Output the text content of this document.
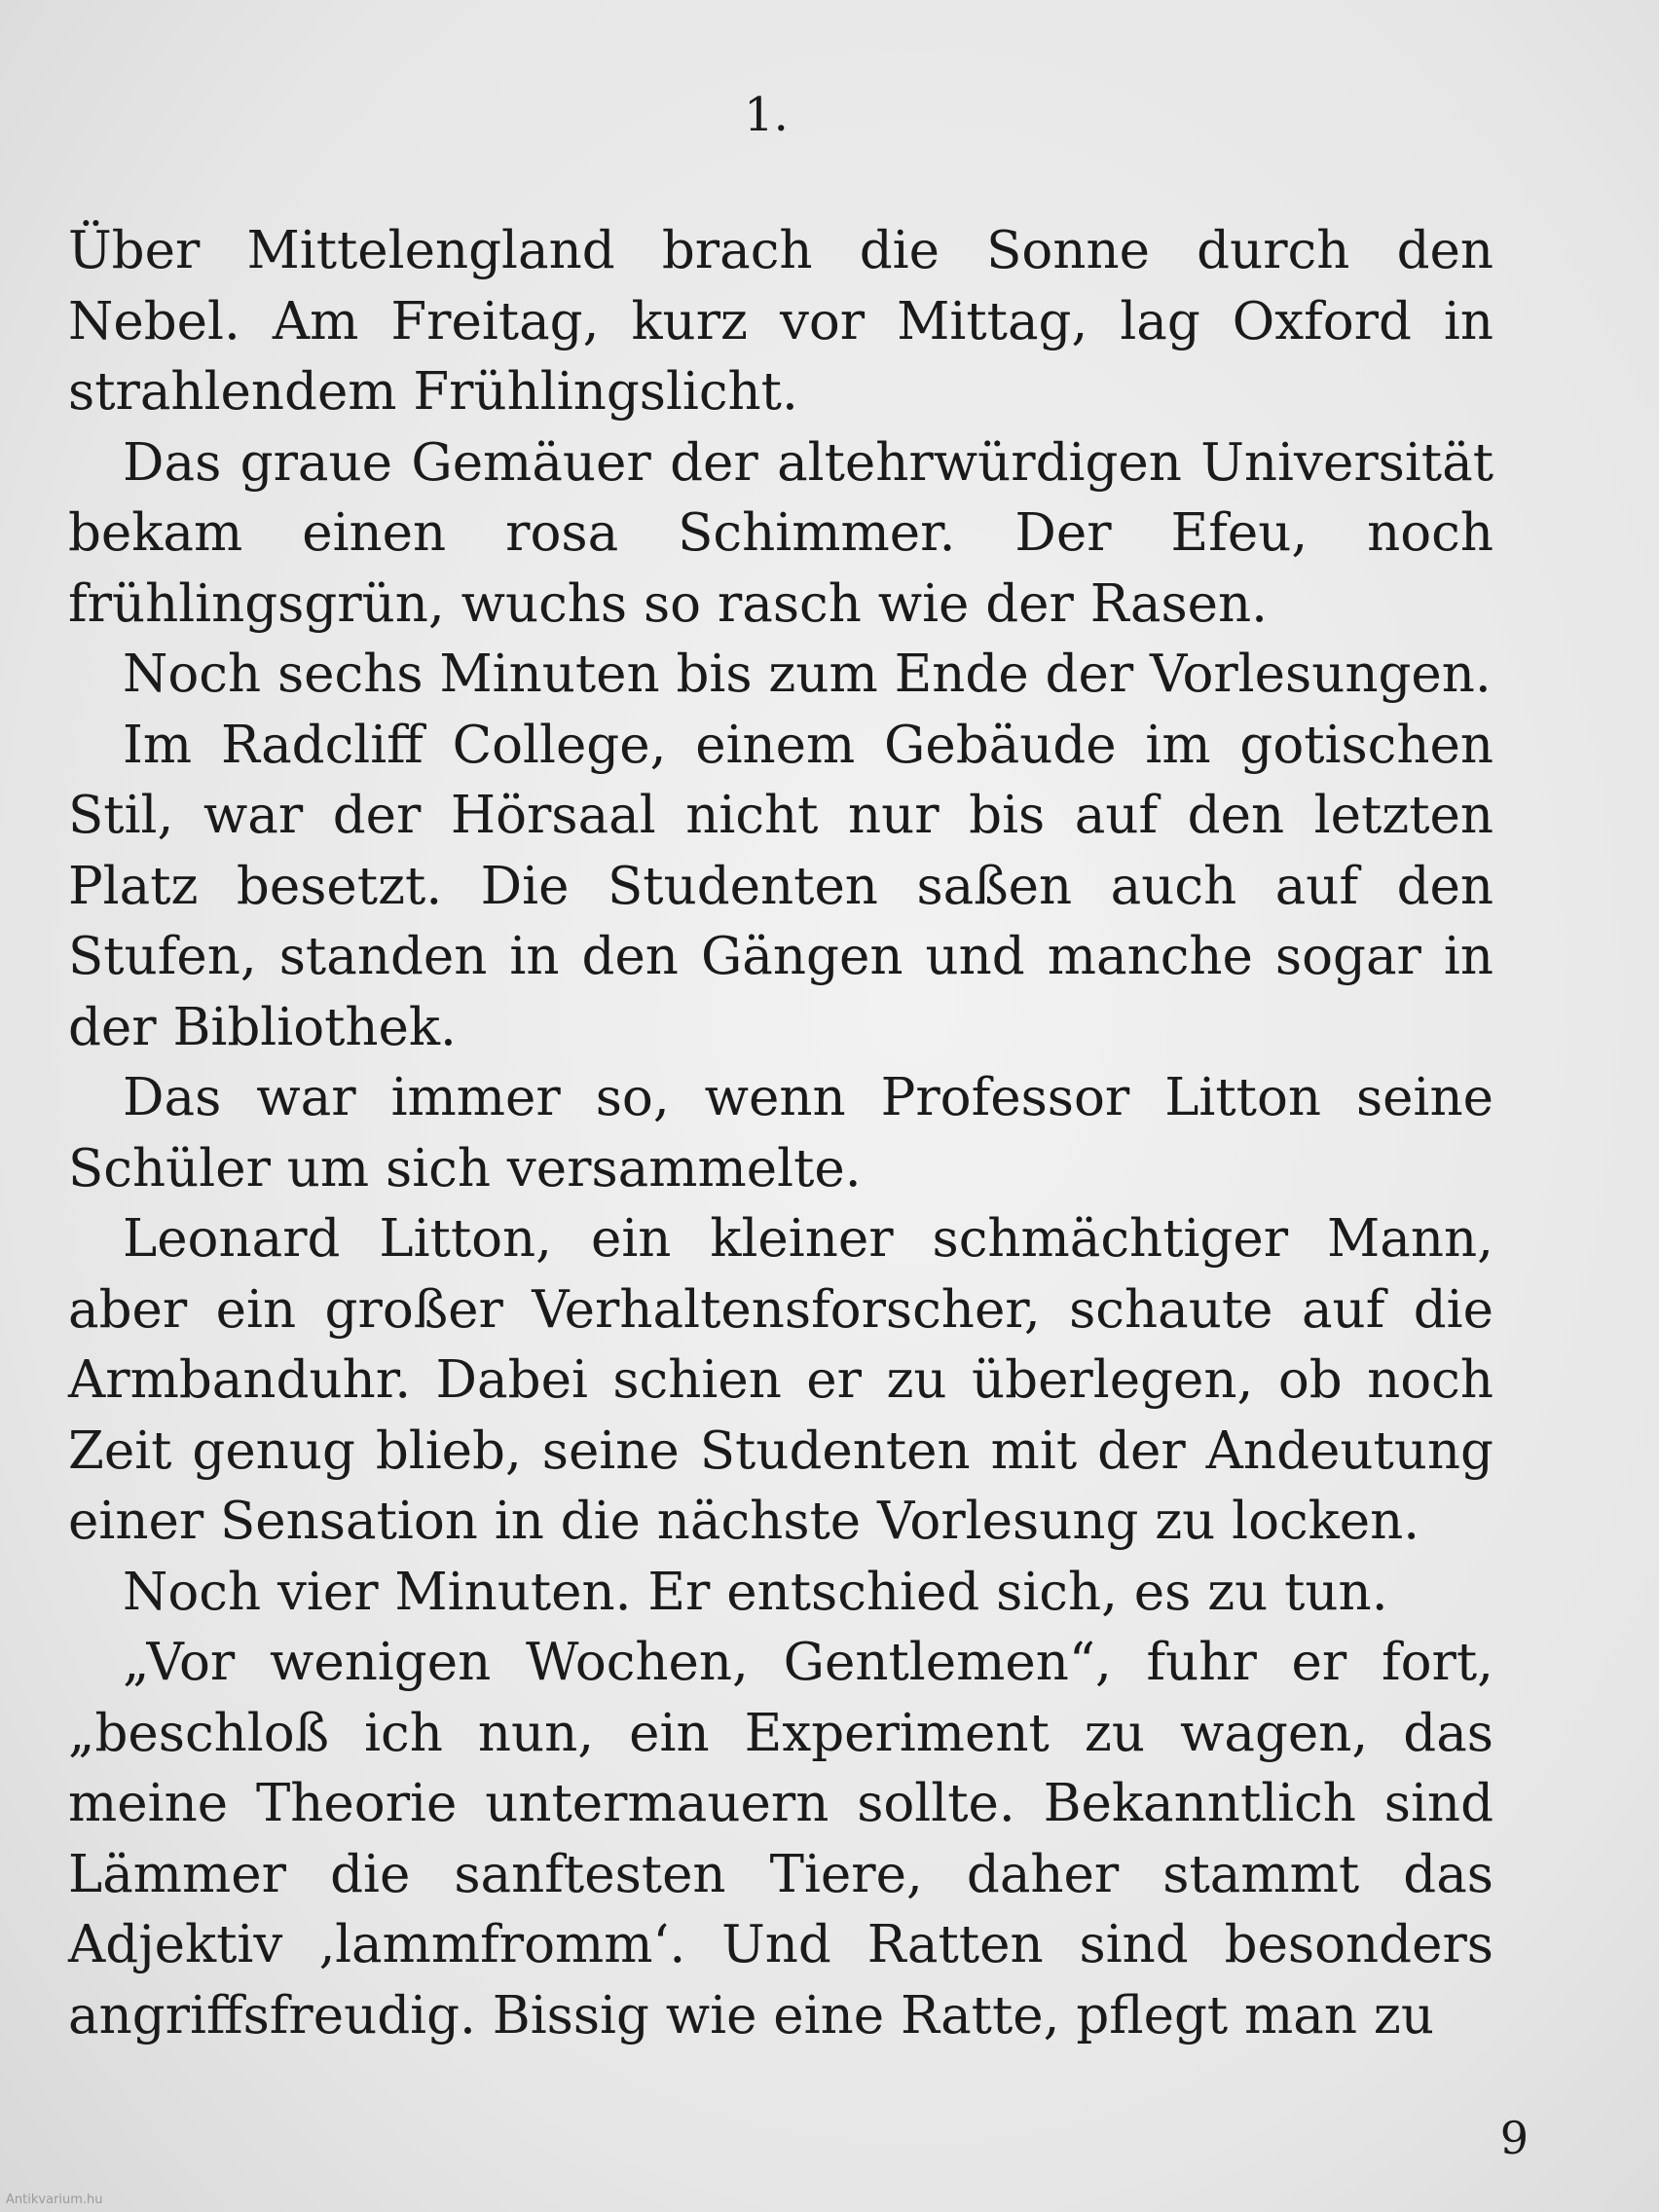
1.

Über Mittelengland brach die Sonne durch den Nebel. Am Freitag, kurz vor Mittag, lag Oxford in strahlendem Frühlingslicht.

Das graue Gemäuer der altehrwürdigen Universität bekam einen rosa Schimmer. Der Efeu, noch frühlingsgrün, wuchs so rasch wie der Rasen.

Noch sechs Minuten bis zum Ende der Vorlesungen.

Im Radcliff College, einem Gebäude im gotischen Stil, war der Hörsaal nicht nur bis auf den letzten Platz besetzt. Die Studenten saßen auch auf den Stufen, standen in den Gängen und manche sogar in der Bibliothek.

Das war immer so, wenn Professor Litton seine Schüler um sich versammelte.

Leonard Litton, ein kleiner schmächtiger Mann, aber ein großer Verhaltensforscher, schaute auf die Armbanduhr. Dabei schien er zu überlegen, ob noch Zeit genug blieb, seine Studenten mit der Andeutung einer Sensation in die nächste Vorlesung zu locken.

Noch vier Minuten. Er entschied sich, es zu tun.

„Vor wenigen Wochen, Gentlemen“, fuhr er fort, „beschloß ich nun, ein Experiment zu wagen, das meine Theorie untermauern sollte. Bekanntlich sind Lämmer die sanftesten Tiere, daher stammt das Adjektiv ‚lammfromm‘. Und Ratten sind besonders angriffsfreudig. Bissig wie eine Ratte, pflegt man zu

9
Antikvarium.hu
